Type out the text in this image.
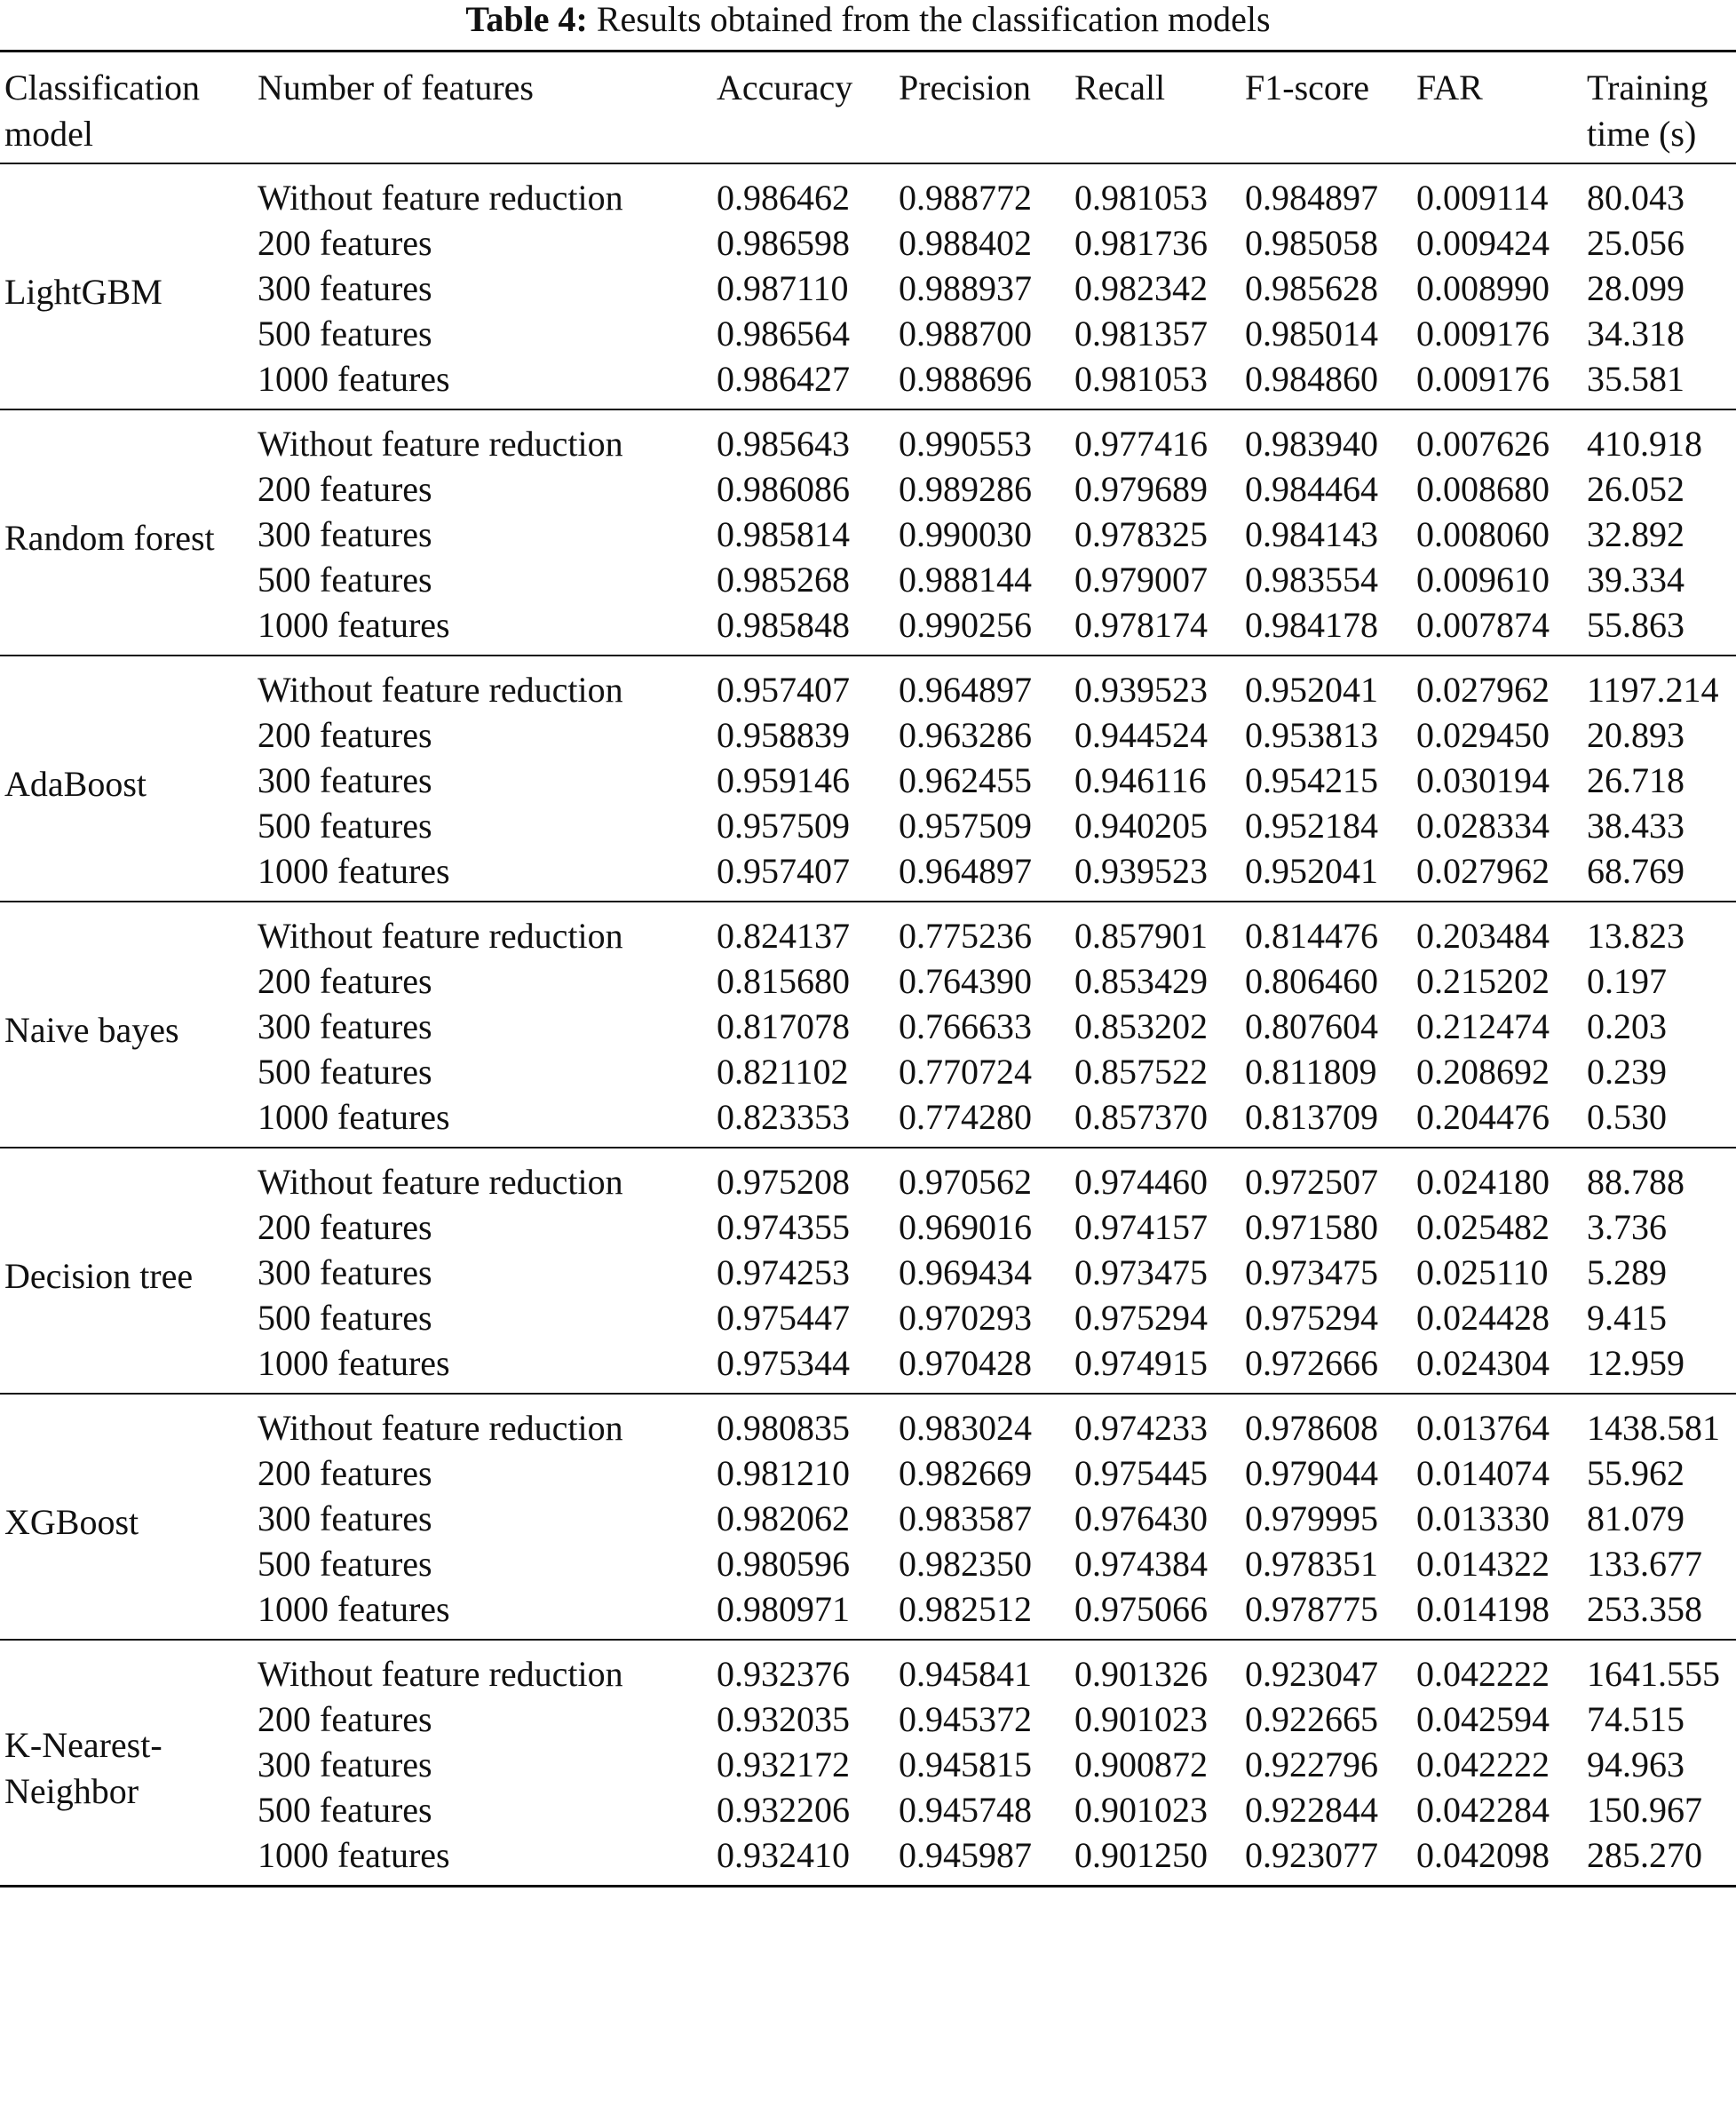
Table 4: Results obtained from the classification models
Classification model	Number of features	Accuracy	Precision	Recall	F1-score	FAR	Training time (s)
LightGBM	Without feature reduction	0.986462	0.988772	0.981053	0.984897	0.009114	80.043
	200 features	0.986598	0.988402	0.981736	0.985058	0.009424	25.056
	300 features	0.987110	0.988937	0.982342	0.985628	0.008990	28.099
	500 features	0.986564	0.988700	0.981357	0.985014	0.009176	34.318
	1000 features	0.986427	0.988696	0.981053	0.984860	0.009176	35.581
Random forest	Without feature reduction	0.985643	0.990553	0.977416	0.983940	0.007626	410.918
	200 features	0.986086	0.989286	0.979689	0.984464	0.008680	26.052
	300 features	0.985814	0.990030	0.978325	0.984143	0.008060	32.892
	500 features	0.985268	0.988144	0.979007	0.983554	0.009610	39.334
	1000 features	0.985848	0.990256	0.978174	0.984178	0.007874	55.863
AdaBoost	Without feature reduction	0.957407	0.964897	0.939523	0.952041	0.027962	1197.214
	200 features	0.958839	0.963286	0.944524	0.953813	0.029450	20.893
	300 features	0.959146	0.962455	0.946116	0.954215	0.030194	26.718
	500 features	0.957509	0.957509	0.940205	0.952184	0.028334	38.433
	1000 features	0.957407	0.964897	0.939523	0.952041	0.027962	68.769
Naive bayes	Without feature reduction	0.824137	0.775236	0.857901	0.814476	0.203484	13.823
	200 features	0.815680	0.764390	0.853429	0.806460	0.215202	0.197
	300 features	0.817078	0.766633	0.853202	0.807604	0.212474	0.203
	500 features	0.821102	0.770724	0.857522	0.811809	0.208692	0.239
	1000 features	0.823353	0.774280	0.857370	0.813709	0.204476	0.530
Decision tree	Without feature reduction	0.975208	0.970562	0.974460	0.972507	0.024180	88.788
	200 features	0.974355	0.969016	0.974157	0.971580	0.025482	3.736
	300 features	0.974253	0.969434	0.973475	0.973475	0.025110	5.289
	500 features	0.975447	0.970293	0.975294	0.975294	0.024428	9.415
	1000 features	0.975344	0.970428	0.974915	0.972666	0.024304	12.959
XGBoost	Without feature reduction	0.980835	0.983024	0.974233	0.978608	0.013764	1438.581
	200 features	0.981210	0.982669	0.975445	0.979044	0.014074	55.962
	300 features	0.982062	0.983587	0.976430	0.979995	0.013330	81.079
	500 features	0.980596	0.982350	0.974384	0.978351	0.014322	133.677
	1000 features	0.980971	0.982512	0.975066	0.978775	0.014198	253.358
K-Nearest-Neighbor	Without feature reduction	0.932376	0.945841	0.901326	0.923047	0.042222	1641.555
	200 features	0.932035	0.945372	0.901023	0.922665	0.042594	74.515
	300 features	0.932172	0.945815	0.900872	0.922796	0.042222	94.963
	500 features	0.932206	0.945748	0.901023	0.922844	0.042284	150.967
	1000 features	0.932410	0.945987	0.901250	0.923077	0.042098	285.270
